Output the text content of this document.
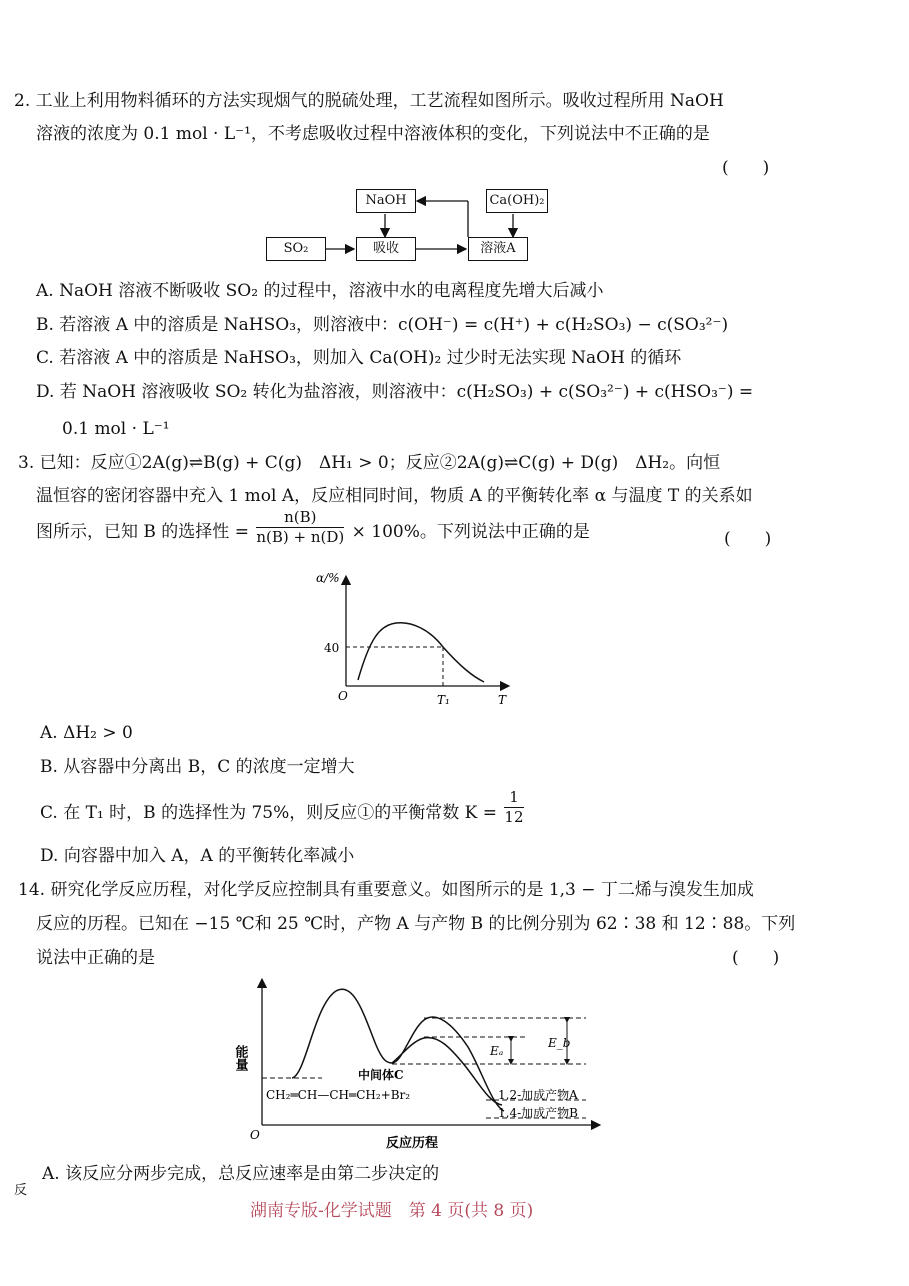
2. 工业上利用物料循环的方法实现烟气的脱硫处理，工艺流程如图所示。吸收过程所用 NaOH
溶液的浓度为 0.1 mol · L⁻¹，不考虑吸收过程中溶液体积的变化，下列说法中不正确的是
(　　)
NaOH	Ca(OH)₂
SO₂	吸收	溶液A
A. NaOH 溶液不断吸收 SO₂ 的过程中，溶液中水的电离程度先增大后减小
B. 若溶液 A 中的溶质是 NaHSO₃，则溶液中：c(OH⁻) = c(H⁺) + c(H₂SO₃) − c(SO₃²⁻)
C. 若溶液 A 中的溶质是 NaHSO₃，则加入 Ca(OH)₂ 过少时无法实现 NaOH 的循环
D. 若 NaOH 溶液吸收 SO₂ 转化为盐溶液，则溶液中：c(H₂SO₃) + c(SO₃²⁻) + c(HSO₃⁻) =
0.1 mol · L⁻¹
3. 已知：反应①2A(g)⇌B(g) + C(g)　ΔH₁ > 0；反应②2A(g)⇌C(g) + D(g)　ΔH₂。向恒
温恒容的密闭容器中充入 1 mol A，反应相同时间，物质 A 的平衡转化率 α 与温度 T 的关系如
图所示，已知 B 的选择性 = $\frac{n(B)}{n(B) + n(D)} \times 100\%$。下列说法中正确的是	(　　)
α/%
40
O	T₁	T
A. ΔH₂ > 0
B. 从容器中分离出 B，C 的浓度一定增大
C. 在 T₁ 时，B 的选择性为 75%，则反应①的平衡常数 $K = \frac{1}{12}$
D. 向容器中加入 A，A 的平衡转化率减小
14. 研究化学反应历程，对化学反应控制具有重要意义。如图所示的是 1,3 − 丁二烯与溴发生加成
反应的历程。已知在 −15 ℃和 25 ℃时，产物 A 与产物 B 的比例分别为 62∶38 和 12∶88。下列
说法中正确的是	(　　)
能量
O
反应历程
中间体C
CH₂═CH—CH═CH₂+Br₂	1,2-加成产物A
1,4-加成产物B
Eₐ
E_b
A. 该反应分两步完成，总反应速率是由第二步决定的
反
湖南专版-化学试题　第 4 页(共 8 页)
